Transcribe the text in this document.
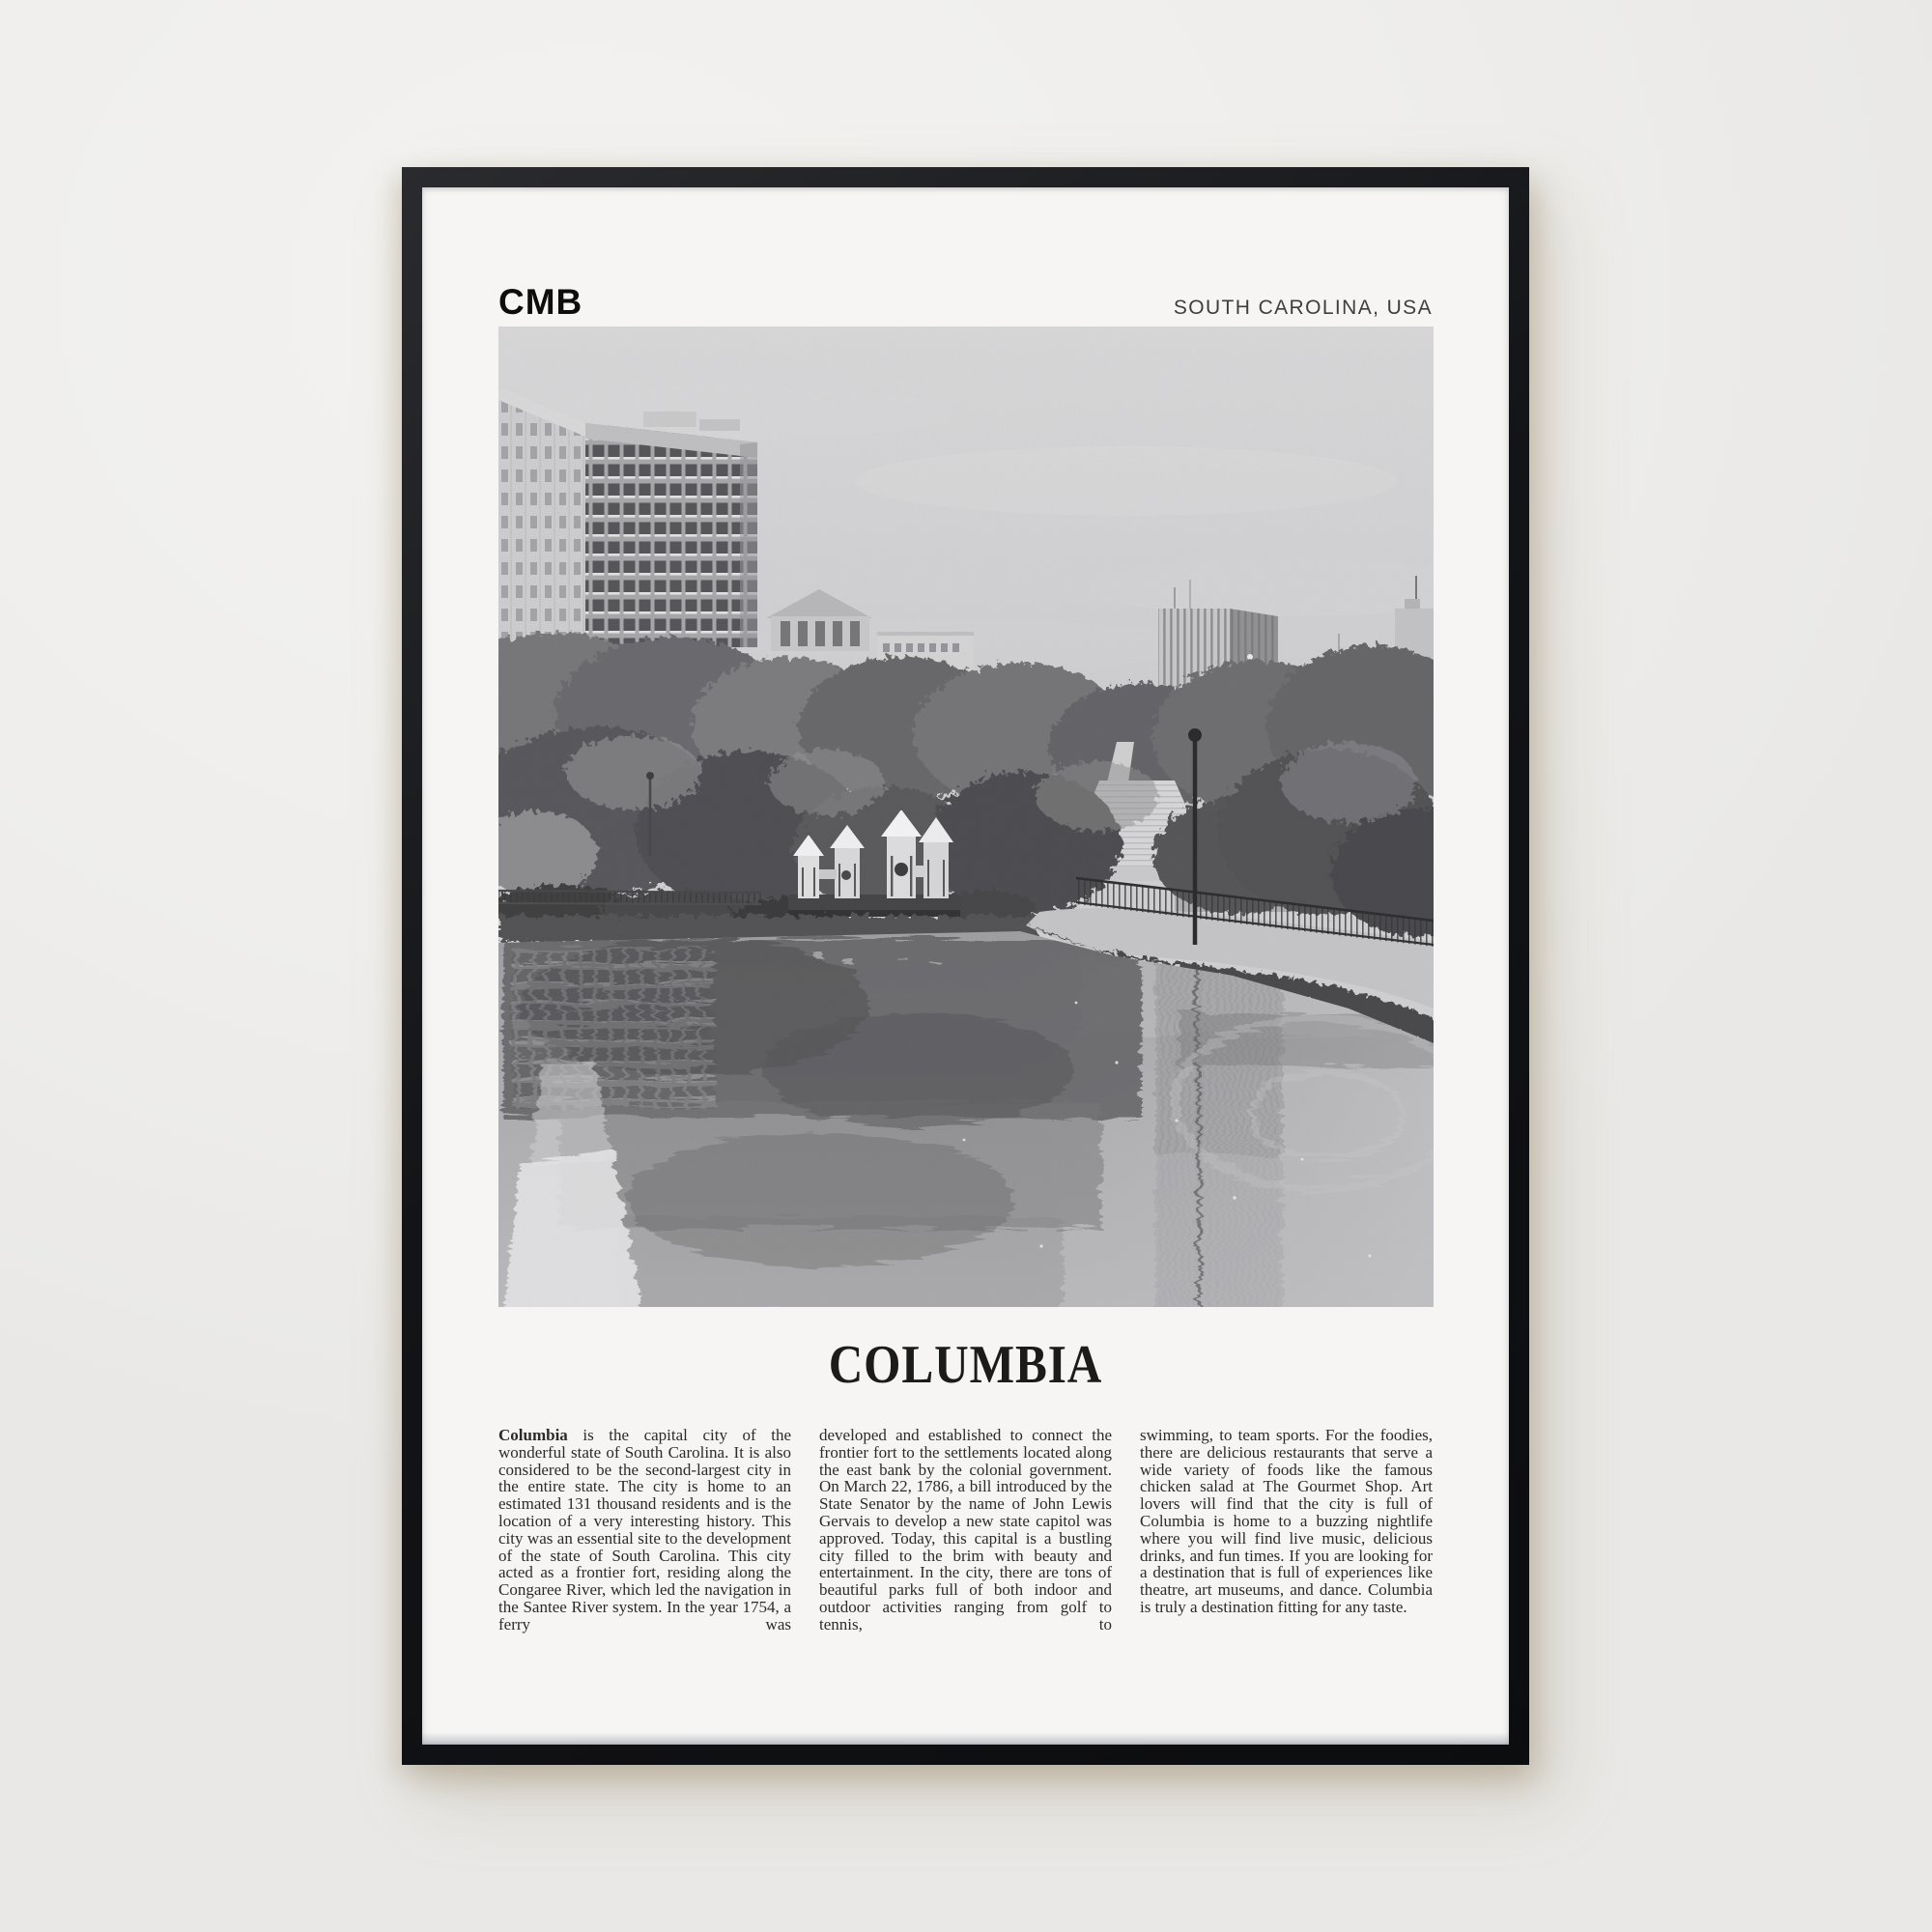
CMB	SOUTH CAROLINA, USA
COLUMBIA

Columbia is the capital city of the wonderful state of South Carolina. It is also considered to be the second-largest city in the entire state. The city is home to an estimated 131 thousand residents and is the location of a very interesting history. This city was an essential site to the development of the state of South Carolina. This city acted as a frontier fort, residing along the Congaree River, which led the navigation in the Santee River system. In the year 1754, a ferry was

developed and established to connect the frontier fort to the settlements located along the east bank by the colonial government. On March 22, 1786, a bill introduced by the State Senator by the name of John Lewis Gervais to develop a new state capitol was approved. Today, this capital is a bustling city filled to the brim with beauty and entertainment. In the city, there are tons of beautiful parks full of both indoor and outdoor activities ranging from golf to tennis, to

swimming, to team sports. For the foodies, there are delicious restaurants that serve a wide variety of foods like the famous chicken salad at The Gourmet Shop. Art lovers will find that the city is full of Columbia is home to a buzzing nightlife where you will find live music, delicious drinks, and fun times. If you are looking for a destination that is full of experiences like theatre, art museums, and dance. Columbia is truly a destination fitting for any taste.
